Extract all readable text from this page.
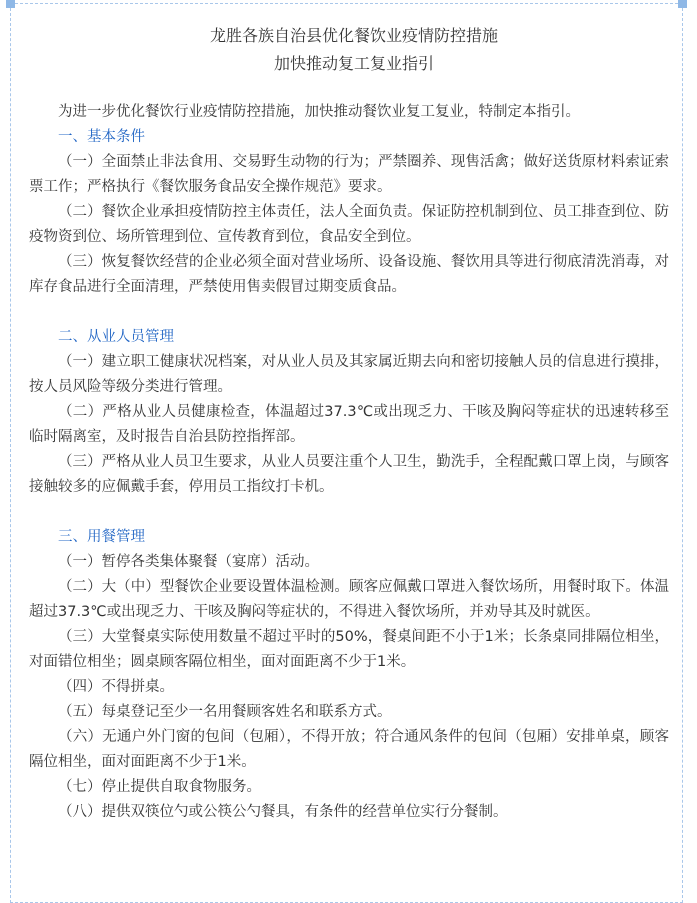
龙胜各族自治县优化餐饮业疫情防控措施
加快推动复工复业指引

为进一步优化餐饮行业疫情防控措施，加快推动餐饮业复工复业，特制定本指引。

一、基本条件

（一）全面禁止非法食用、交易野生动物的行为；严禁圈养、现售活禽；做好送货原材料索证索票工作；严格执行《餐饮服务食品安全操作规范》要求。

（二）餐饮企业承担疫情防控主体责任，法人全面负责。保证防控机制到位、员工排查到位、防疫物资到位、场所管理到位、宣传教育到位，食品安全到位。

（三）恢复餐饮经营的企业必须全面对营业场所、设备设施、餐饮用具等进行彻底清洗消毒，对库存食品进行全面清理，严禁使用售卖假冒过期变质食品。

二、从业人员管理

（一）建立职工健康状况档案，对从业人员及其家属近期去向和密切接触人员的信息进行摸排，按人员风险等级分类进行管理。

（二）严格从业人员健康检查，体温超过37.3℃或出现乏力、干咳及胸闷等症状的迅速转移至临时隔离室，及时报告自治县防控指挥部。

（三）严格从业人员卫生要求，从业人员要注重个人卫生，勤洗手，全程配戴口罩上岗，与顾客接触较多的应佩戴手套，停用员工指纹打卡机。

三、用餐管理

（一）暂停各类集体聚餐（宴席）活动。

（二）大（中）型餐饮企业要设置体温检测。顾客应佩戴口罩进入餐饮场所，用餐时取下。体温超过37.3℃或出现乏力、干咳及胸闷等症状的，不得进入餐饮场所，并劝导其及时就医。

（三）大堂餐桌实际使用数量不超过平时的50%，餐桌间距不小于1米；长条桌同排隔位相坐，对面错位相坐；圆桌顾客隔位相坐，面对面距离不少于1米。

（四）不得拼桌。

（五）每桌登记至少一名用餐顾客姓名和联系方式。

（六）无通户外门窗的包间（包厢），不得开放；符合通风条件的包间（包厢）安排单桌，顾客隔位相坐，面对面距离不少于1米。

（七）停止提供自取食物服务。

（八）提供双筷位勺或公筷公勺餐具，有条件的经营单位实行分餐制。
